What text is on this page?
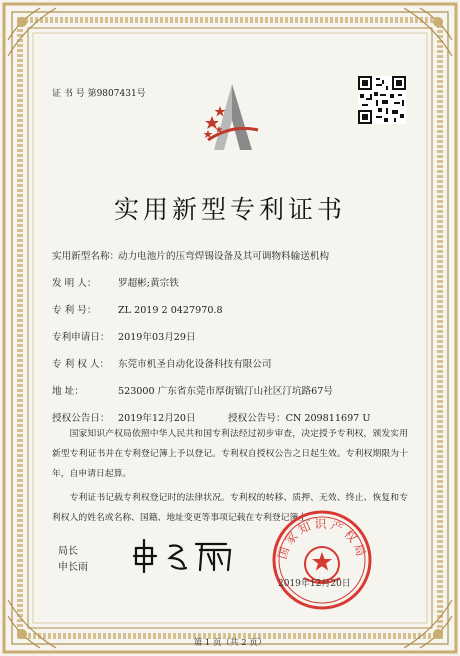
证 书 号 第9807431号
实用新型专利证书
实用新型名称：动力电池片的压弯焊锡设备及其可调物料输送机构
发 明 人： 罗超彬;黄宗铁
专 利 号： ZL 2019 2 0427970.8
专利申请日： 2019年03月29日
专 利 权 人： 东莞市机圣自动化设备科技有限公司
地 址：	523000 广东省东莞市厚街镇汀山社区汀坑路67号
授权公告日： 2019年12月20日	授权公告号：CN 209811697 U

国家知识产权局依照中华人民共和国专利法经过初步审查，决定授予专利权，颁发实用新型专利证书并在专利登记簿上予以登记。专利权自授权公告之日起生效。专利权期限为十年，自申请日起算。

专利证书记载专利权登记时的法律状况。专利权的转移、质押、无效、终止、恢复和专利权人的姓名或名称、国籍、地址变更等事项记载在专利登记簿上。

局长
申长雨
国家知识产权局
2019年12月20日
第 1 页（共 2 页）
